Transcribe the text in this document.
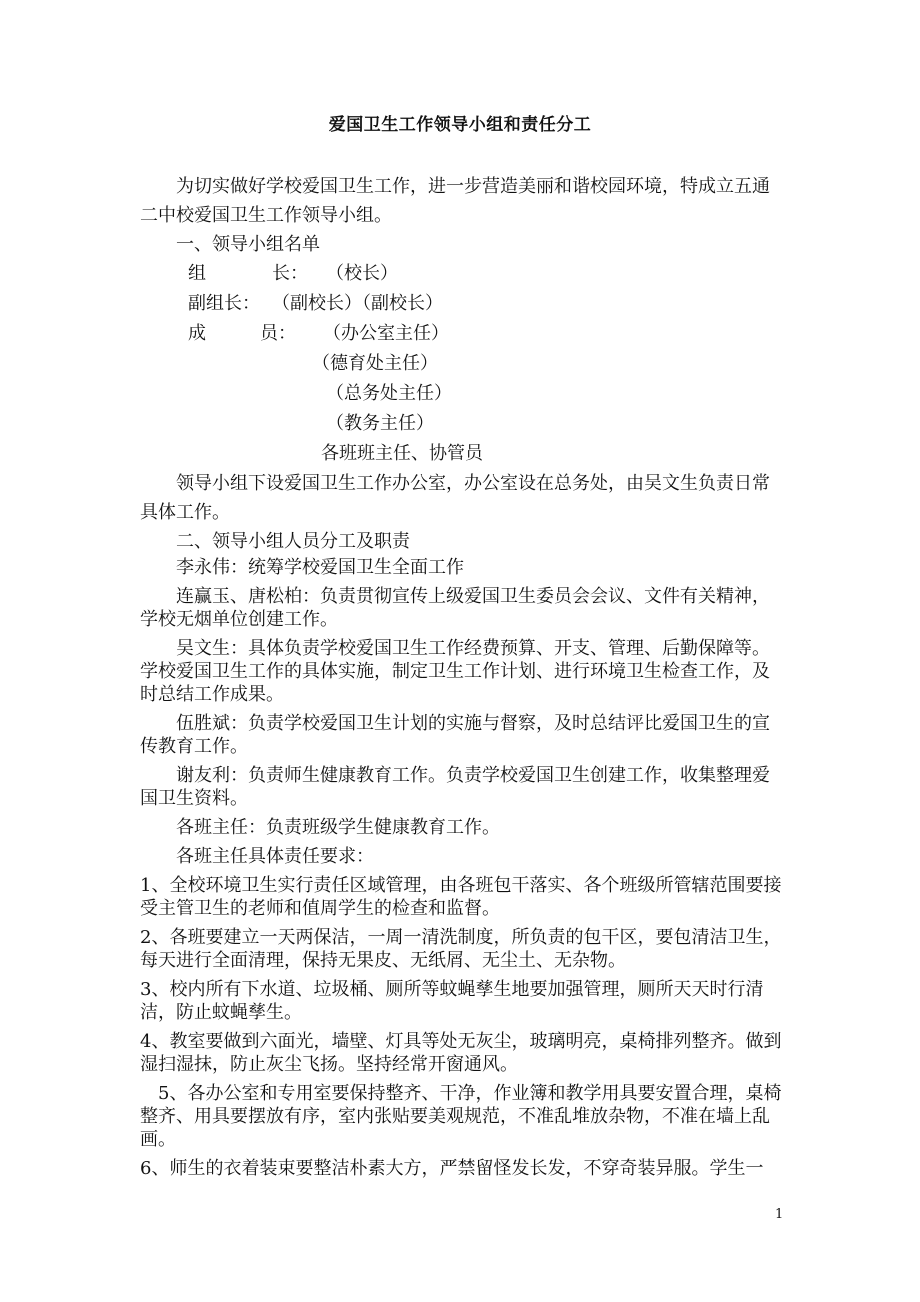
爱国卫生工作领导小组和责任分工

为切实做好学校爱国卫生工作，进一步营造美丽和谐校园环境，特成立五通二中校爱国卫生工作领导小组。

一、领导小组名单

组	长： （校长）
副组长： （副校长）（副校长）
成	员： （办公室主任）
（德育处主任）
（总务处主任）
（教务主任）
各班班主任、协管员

领导小组下设爱国卫生工作办公室，办公室设在总务处，由吴文生负责日常具体工作。

二、领导小组人员分工及职责

李永伟：统筹学校爱国卫生全面工作

连赢玉、唐松柏：负责贯彻宣传上级爱国卫生委员会会议、文件有关精神，学校无烟单位创建工作。

吴文生：具体负责学校爱国卫生工作经费预算、开支、管理、后勤保障等。学校爱国卫生工作的具体实施，制定卫生工作计划、进行环境卫生检查工作，及时总结工作成果。

伍胜斌：负责学校爱国卫生计划的实施与督察，及时总结评比爱国卫生的宣传教育工作。

谢友利：负责师生健康教育工作。负责学校爱国卫生创建工作，收集整理爱国卫生资料。

各班主任：负责班级学生健康教育工作。

各班主任具体责任要求：

1、全校环境卫生实行责任区域管理，由各班包干落实、各个班级所管辖范围要接受主管卫生的老师和值周学生的检查和监督。

2、各班要建立一天两保洁，一周一清洗制度，所负责的包干区，要包清洁卫生，每天进行全面清理，保持无果皮、无纸屑、无尘土、无杂物。

3、校内所有下水道、垃圾桶、厕所等蚊蝇孳生地要加强管理，厕所天天时行清洁，防止蚊蝇孳生。

4、教室要做到六面光，墙壁、灯具等处无灰尘，玻璃明亮，桌椅排列整齐。做到湿扫湿抹，防止灰尘飞扬。坚持经常开窗通风。

5、各办公室和专用室要保持整齐、干净，作业簿和教学用具要安置合理，桌椅整齐、用具要摆放有序，室内张贴要美观规范，不准乱堆放杂物，不准在墙上乱画。

6、师生的衣着装束要整洁朴素大方，严禁留怪发长发，不穿奇装异服。学生一

1
